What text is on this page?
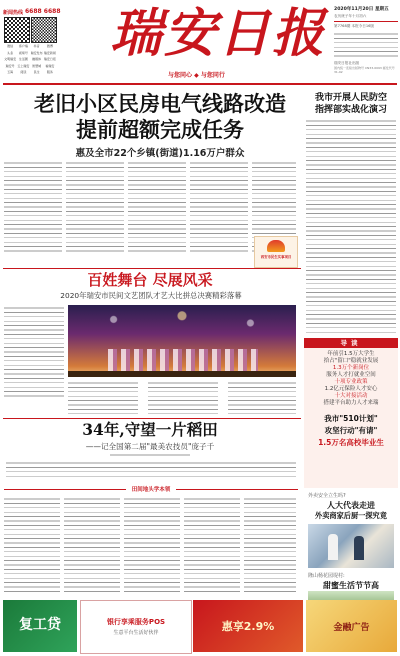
新闻热线 6688 6688
微信	客户端	抖音	微博
头条	视频号 瑞安发布 瑞安新闻
文明瑞安 生活圈	融媒体 瑞安日报
瑞安号 云上瑞安 智慧城	看瑞安
玉海	阅读	民生	服务
瑞安日报
与您同心 ◆ 与您同行
2020年11月20日 星期五
农历庚子年十月初六
第7768期 本报今日16版
瑞安日报社出版
国内统一连续出版物号 CN33-0093 邮发代号 31-92
老旧小区民房电气线路改造
提前超额完成任务
惠及全市22个乡镇(街道)1.16万户群众
西安市民生实事项目
百姓舞台 尽展风采
2020年瑞安市民间文艺团队才艺大比拼总决赛精彩落幕
34年,守望一片稻田
——记全国第二届"最美农技员"庞子千
田间地头学本领
我市开展人民防空
指挥部实战化演习
导读
年前引1.5万大学生
拾占"留口"稳就业发展
1.3万个新岗位
服务人才打就业空间
十项专业政策
1.2亿元保险人才安心
十大对接活动
搭建平台助力人才来瑞
我市"510计划"
攻坚行动"有请"
1.5万名高校毕业生
外卖安全立生吗?
人大代表走进
外卖商家后厨一探究竟
隆山杨花园堤村:
甜蜜生活节节高
复工贷	银行享乘服务POS
生意平台生活好伙伴	惠享2.9%	金融广告
